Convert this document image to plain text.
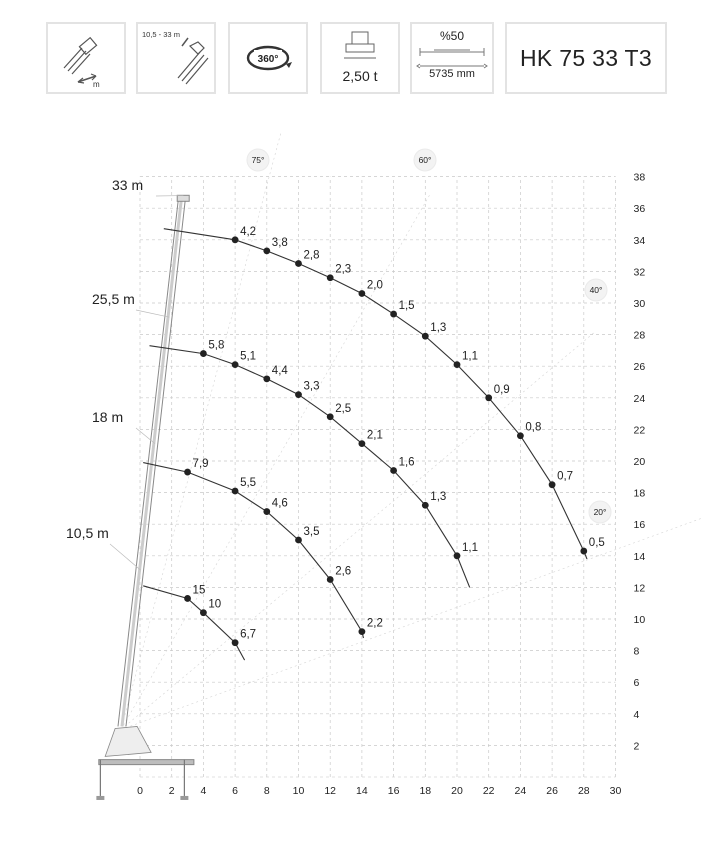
m
10,5 - 33 m
360°
2,50 t
%50
5735 mm
HK 75 33 T3
0 2 4 6 8 10 12 14 16 18 20 22 24 26 28 30
2
4
6
8
10
12
14
16
18
20
22
24
26
28
30
32
34
36
38
75°	60°
40°
20°
33 m
25,5 m
18 m
10,5 m
4,2
3,8
2,8
2,3
2,0
1,5
1,3
1,1
0,9
0,8
0,7
0,5
5,8
5,1
4,4
3,3
2,5
2,1
1,6
1,3
1,1
7,9
5,5
4,6
3,5
2,6
2,2
15
10
6,7
